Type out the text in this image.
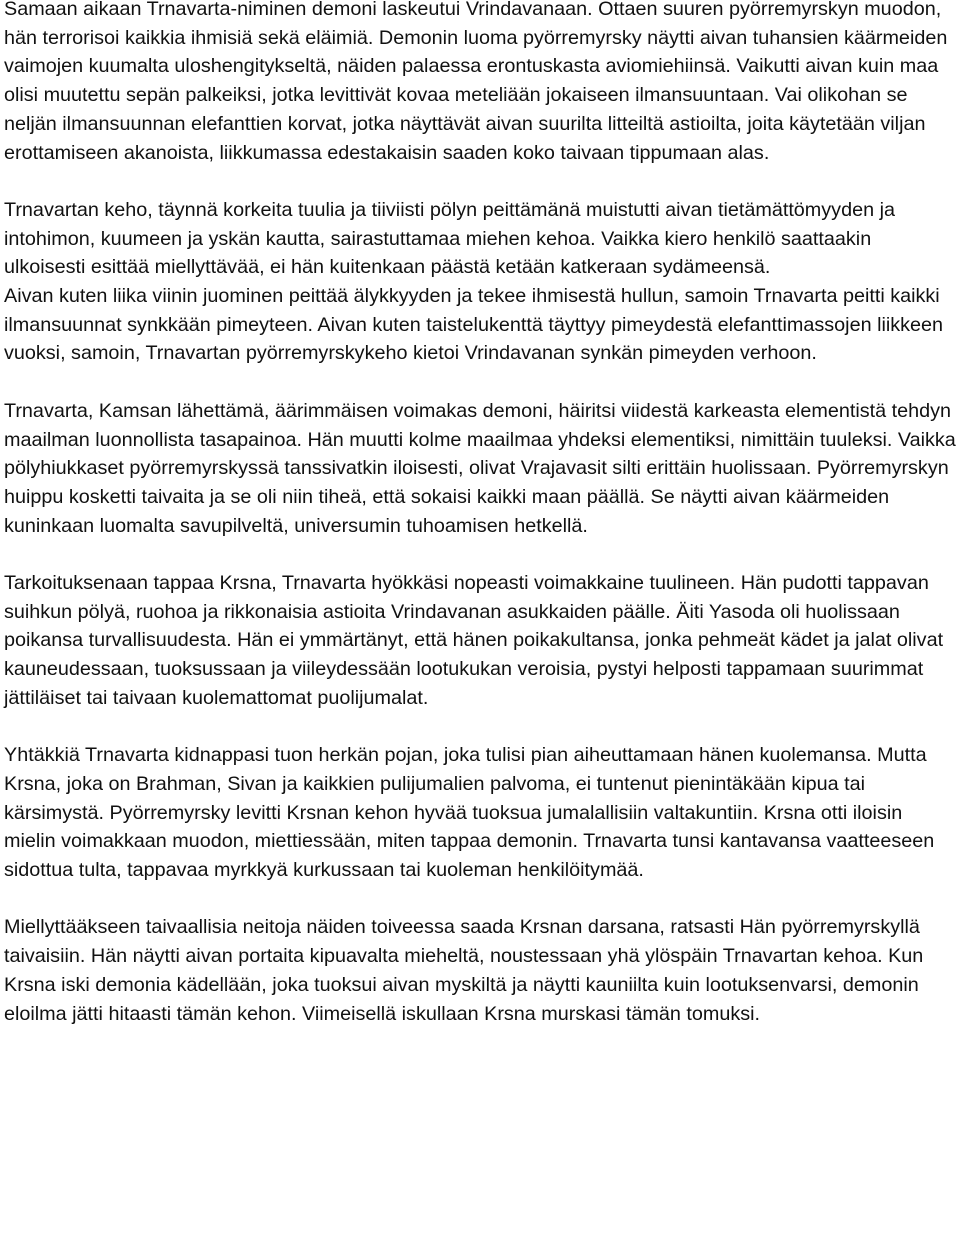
Samaan aikaan Trnavarta-niminen demoni laskeutui Vrindavanaan. Ottaen suuren pyörremyrskyn muodon, hän terrorisoi kaikkia ihmisiä sekä eläimiä. Demonin luoma pyörremyrsky näytti aivan tuhansien käärmeiden vaimojen kuumalta uloshengitykseltä, näiden palaessa erontuskasta aviomiehiinsä. Vaikutti aivan kuin maa olisi muutettu sepän palkeiksi, jotka levittivät kovaa meteliään jokaiseen ilmansuuntaan. Vai olikohan se neljän ilmansuunnan elefanttien korvat, jotka näyttävät aivan suurilta litteiltä astioilta, joita käytetään viljan erottamiseen akanoista, liikkumassa edestakaisin saaden koko taivaan tippumaan alas.

Trnavartan keho, täynnä korkeita tuulia ja tiiviisti pölyn peittämänä muistutti aivan tietämättömyyden ja intohimon, kuumeen ja yskän kautta, sairastuttamaa miehen kehoa. Vaikka kiero henkilö saattaakin ulkoisesti esittää miellyttävää, ei hän kuitenkaan päästä ketään katkeraan sydämeensä.

Aivan kuten liika viinin juominen peittää älykkyyden ja tekee ihmisestä hullun, samoin Trnavarta peitti kaikki ilmansuunnat synkkään pimeyteen. Aivan kuten taistelukenttä täyttyy pimeydestä elefanttimassojen liikkeen vuoksi, samoin, Trnavartan pyörremyrskykeho kietoi Vrindavanan synkän pimeyden verhoon.

Trnavarta, Kamsan lähettämä, äärimmäisen voimakas demoni, häiritsi viidestä karkeasta elementistä tehdyn maailman luonnollista tasapainoa. Hän muutti kolme maailmaa yhdeksi elementiksi, nimittäin tuuleksi. Vaikka pölyhiukkaset pyörremyrskyssä tanssivatkin iloisesti, olivat Vrajavasit silti erittäin huolissaan. Pyörremyrskyn huippu kosketti taivaita ja se oli niin tiheä, että sokaisi kaikki maan päällä. Se näytti aivan käärmeiden kuninkaan luomalta savupilveltä, universumin tuhoamisen hetkellä.

Tarkoituksenaan tappaa Krsna, Trnavarta hyökkäsi nopeasti voimakkaine tuulineen. Hän pudotti tappavan suihkun pölyä, ruohoa ja rikkonaisia astioita Vrindavanan asukkaiden päälle. Äiti Yasoda oli huolissaan poikansa turvallisuudesta. Hän ei ymmärtänyt, että hänen poikakultansa, jonka pehmeät kädet ja jalat olivat kauneudessaan, tuoksussaan ja viileydessään lootukukan veroisia, pystyi helposti tappamaan suurimmat jättiläiset tai taivaan kuolemattomat puolijumalat.

Yhtäkkiä Trnavarta kidnappasi tuon herkän pojan, joka tulisi pian aiheuttamaan hänen kuolemansa. Mutta Krsna, joka on Brahman, Sivan ja kaikkien pulijumalien palvoma, ei tuntenut pienintäkään kipua tai kärsimystä. Pyörremyrsky levitti Krsnan kehon hyvää tuoksua jumalallisiin valtakuntiin. Krsna otti iloisin mielin voimakkaan muodon, miettiessään, miten tappaa demonin. Trnavarta tunsi kantavansa vaatteeseen sidottua tulta, tappavaa myrkkyä kurkussaan tai kuoleman henkilöitymää.

Miellyttääkseen taivaallisia neitoja näiden toiveessa saada Krsnan darsana, ratsasti Hän pyörremyrskyllä taivaisiin. Hän näytti aivan portaita kipuavalta mieheltä, noustessaan yhä ylöspäin Trnavartan kehoa. Kun Krsna iski demonia kädellään, joka tuoksui aivan myskiltä ja näytti kauniilta kuin lootuksenvarsi, demonin eloilma jätti hitaasti tämän kehon. Viimeisellä iskullaan Krsna murskasi tämän tomuksi.
